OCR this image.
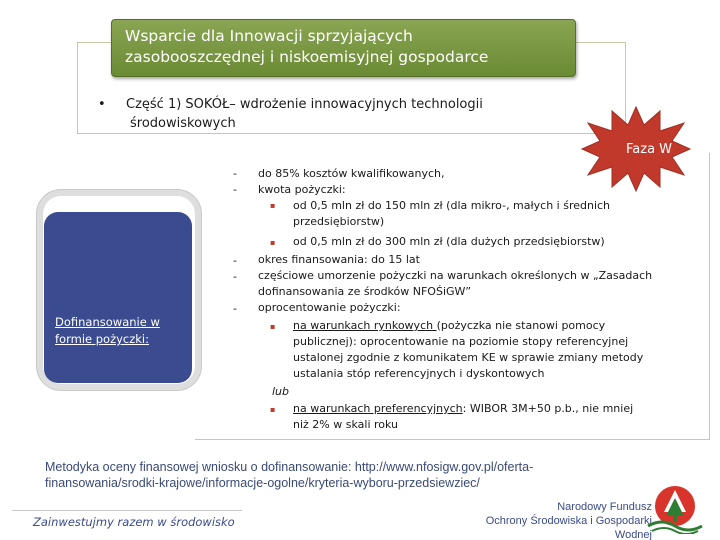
Wsparcie dla Innowacji sprzyjających
zasobooszczędnej i niskoemisyjnej gospodarce
• Część 1) SOKÓŁ– wdrożenie innowacyjnych technologii
środowiskowych
Faza W
Dofinansowanie w
formie pożyczki:
-
-
-
-
-
do 85% kosztów kwalifikowanych,
kwota pożyczki:
▪ od 0,5 mln zł do 150 mln zł (dla mikro-, małych i średnich
przedsiębiorstw)
▪ od 0,5 mln zł do 300 mln zł (dla dużych przedsiębiorstw)
okres finansowania: do 15 lat
częściowe umorzenie pożyczki na warunkach określonych w „Zasadach
dofinansowania ze środków NFOŚiGW”
oprocentowanie pożyczki:
▪ na warunkach rynkowych (pożyczka nie stanowi pomocy
publicznej): oprocentowanie na poziomie stopy referencyjnej
ustalonej zgodnie z komunikatem KE w sprawie zmiany metody
ustalania stóp referencyjnych i dyskontowych
lub
▪ na warunkach preferencyjnych: WIBOR 3M+50 p.b., nie mniej
niż 2% w skali roku
Metodyka oceny finansowej wniosku o dofinansowanie: http://www.nfosigw.gov.pl/oferta-
finansowania/srodki-krajowe/informacje-ogolne/kryteria-wyboru-przedsiewziec/
Zainwestujmy razem w środowisko
Narodowy Fundusz
Ochrony Środowiska i Gospodarki Wodnej
